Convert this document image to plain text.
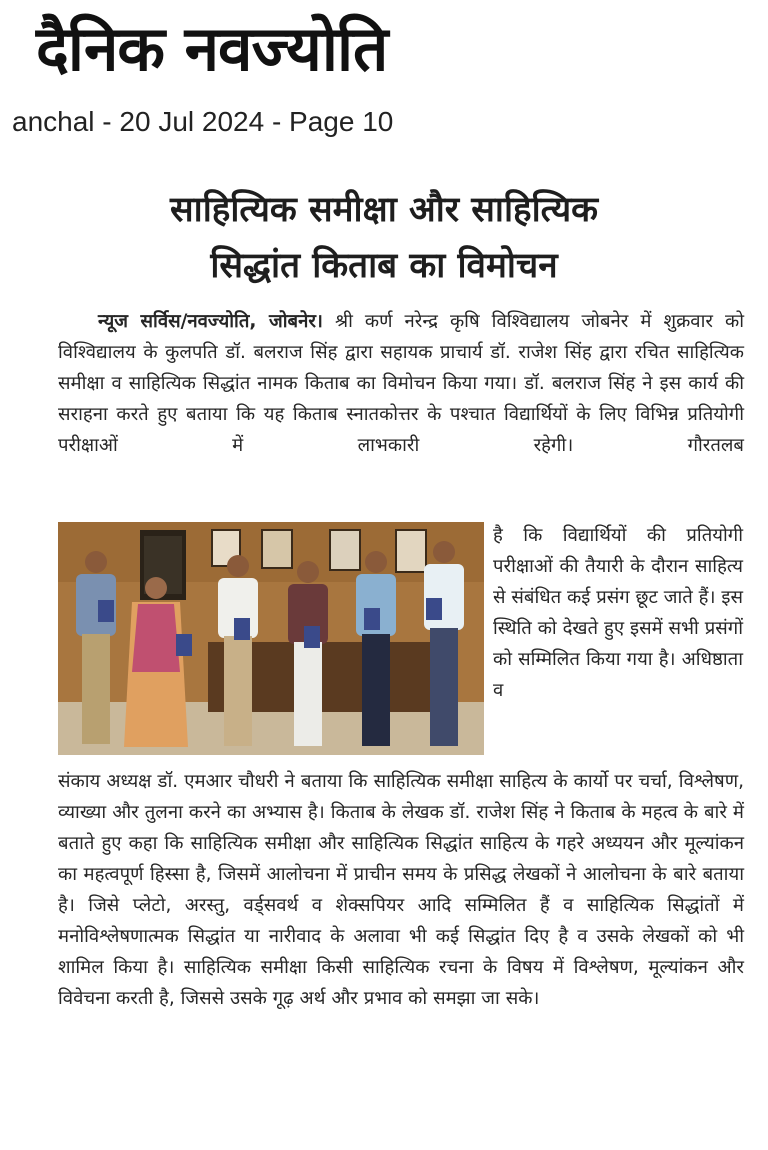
दैनिक नवज्योति
anchal - 20 Jul 2024 - Page 10
साहित्यिक समीक्षा और साहित्यिक
सिद्धांत किताब का विमोचन
न्यूज सर्विस/नवज्योति, जोबनेर। श्री कर्ण नरेन्द्र कृषि विश्विद्यालय जोबनेर में शुक्रवार को विश्विद्यालय के कुलपति डॉ. बलराज सिंह द्वारा सहायक प्राचार्य डॉ. राजेश सिंह द्वारा रचित साहित्यिक समीक्षा व साहित्यिक सिद्धांत नामक किताब का विमोचन किया गया। डॉ. बलराज सिंह ने इस कार्य की सराहना करते हुए बताया कि यह किताब स्नातकोत्तर के पश्चात विद्यार्थियों के लिए विभिन्न प्रतियोगी परीक्षाओं में लाभकारी रहेगी। गौरतलब
है कि विद्यार्थियों की प्रतियोगी परीक्षाओं की तैयारी के दौरान साहित्य से संबंधित कई प्रसंग छूट जाते हैं। इस स्थिति को देखते हुए इसमें सभी प्रसंगों को सम्मिलित किया गया है। अधिष्ठाता व
संकाय अध्यक्ष डॉ. एमआर चौधरी ने बताया कि साहित्यिक समीक्षा साहित्य के कार्यो पर चर्चा, विश्लेषण, व्याख्या और तुलना करने का अभ्यास है। किताब के लेखक डॉ. राजेश सिंह ने किताब के महत्व के बारे में बताते हुए कहा कि साहित्यिक समीक्षा और साहित्यिक सिद्धांत साहित्य के गहरे अध्ययन और मूल्यांकन का महत्वपूर्ण हिस्सा है, जिसमें आलोचना में प्राचीन समय के प्रसिद्ध लेखकों ने आलोचना के बारे बताया है। जिसे प्लेटो, अरस्तु, वर्ड्सवर्थ व शेक्सपियर आदि सम्मिलित हैं व साहित्यिक सिद्धांतों में मनोविश्लेषणात्मक सिद्धांत या नारीवाद के अलावा भी कई सिद्धांत दिए है व उसके लेखकों को भी शामिल किया है। साहित्यिक समीक्षा किसी साहित्यिक रचना के विषय में विश्लेषण, मूल्यांकन और विवेचना करती है, जिससे उसके गूढ़ अर्थ और प्रभाव को समझा जा सके।
